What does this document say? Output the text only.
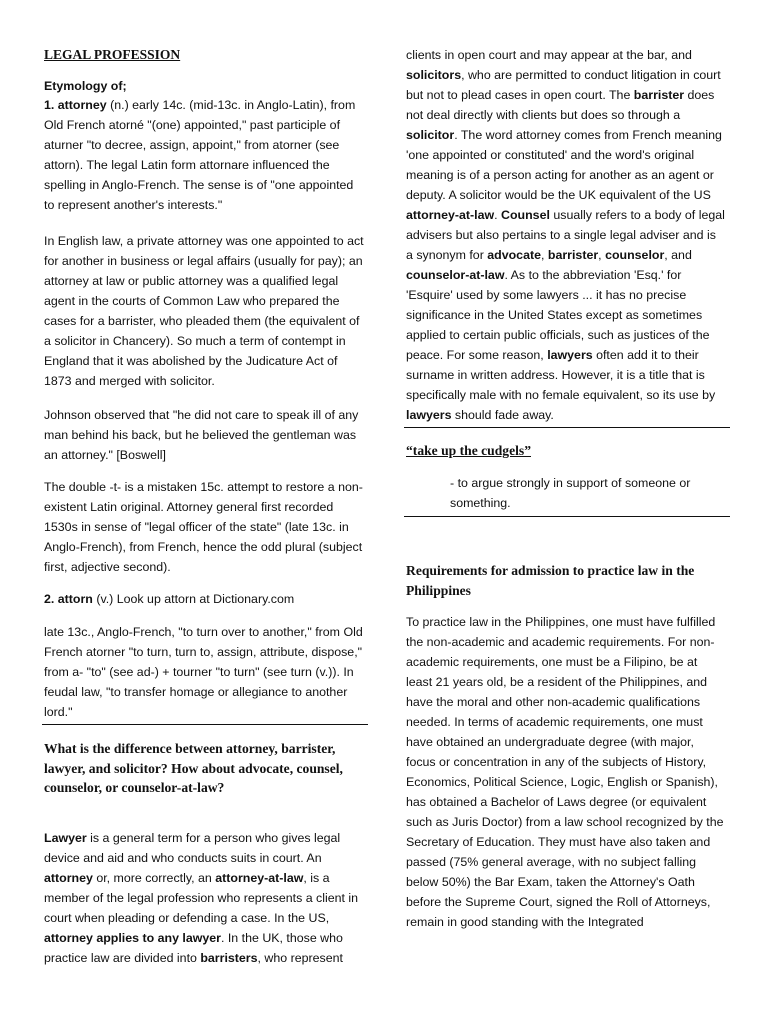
LEGAL PROFESSION

Etymology of;

1. attorney (n.) early 14c. (mid-13c. in Anglo-Latin), from Old French atorné "(one) appointed," past participle of aturner "to decree, assign, appoint," from atorner (see attorn). The legal Latin form attornare influenced the spelling in Anglo-French. The sense is of "one appointed to represent another's interests."

In English law, a private attorney was one appointed to act for another in business or legal affairs (usually for pay); an attorney at law or public attorney was a qualified legal agent in the courts of Common Law who prepared the cases for a barrister, who pleaded them (the equivalent of a solicitor in Chancery). So much a term of contempt in England that it was abolished by the Judicature Act of 1873 and merged with solicitor.

Johnson observed that "he did not care to speak ill of any man behind his back, but he believed the gentleman was an attorney." [Boswell]

The double -t- is a mistaken 15c. attempt to restore a non-existent Latin original. Attorney general first recorded 1530s in sense of "legal officer of the state" (late 13c. in Anglo-French), from French, hence the odd plural (subject first, adjective second).

2. attorn (v.) Look up attorn at Dictionary.com

late 13c., Anglo-French, "to turn over to another," from Old French atorner "to turn, turn to, assign, attribute, dispose," from a- "to" (see ad-) + tourner "to turn" (see turn (v.)). In feudal law, "to transfer homage or allegiance to another lord."

What is the difference between attorney, barrister, lawyer, and solicitor? How about advocate, counsel, counselor, or counselor-at-law?

Lawyer is a general term for a person who gives legal device and aid and who conducts suits in court. An attorney or, more correctly, an attorney-at-law, is a member of the legal profession who represents a client in court when pleading or defending a case. In the US, attorney applies to any lawyer. In the UK, those who practice law are divided into barristers, who represent

clients in open court and may appear at the bar, and solicitors, who are permitted to conduct litigation in court but not to plead cases in open court. The barrister does not deal directly with clients but does so through a solicitor. The word attorney comes from French meaning 'one appointed or constituted' and the word's original meaning is of a person acting for another as an agent or deputy. A solicitor would be the UK equivalent of the US attorney-at-law. Counsel usually refers to a body of legal advisers but also pertains to a single legal adviser and is a synonym for advocate, barrister, counselor, and counselor-at-law. As to the abbreviation 'Esq.' for 'Esquire' used by some lawyers ... it has no precise significance in the United States except as sometimes applied to certain public officials, such as justices of the peace. For some reason, lawyers often add it to their surname in written address. However, it is a title that is specifically male with no female equivalent, so its use by lawyers should fade away.

“take up the cudgels”

- to argue strongly in support of someone or something.

Requirements for admission to practice law in the Philippines

To practice law in the Philippines, one must have fulfilled the non-academic and academic requirements. For non-academic requirements, one must be a Filipino, be at least 21 years old, be a resident of the Philippines, and have the moral and other non-academic qualifications needed. In terms of academic requirements, one must have obtained an undergraduate degree (with major, focus or concentration in any of the subjects of History, Economics, Political Science, Logic, English or Spanish), has obtained a Bachelor of Laws degree (or equivalent such as Juris Doctor) from a law school recognized by the Secretary of Education. They must have also taken and passed (75% general average, with no subject falling below 50%) the Bar Exam, taken the Attorney's Oath before the Supreme Court, signed the Roll of Attorneys, remain in good standing with the Integrated
